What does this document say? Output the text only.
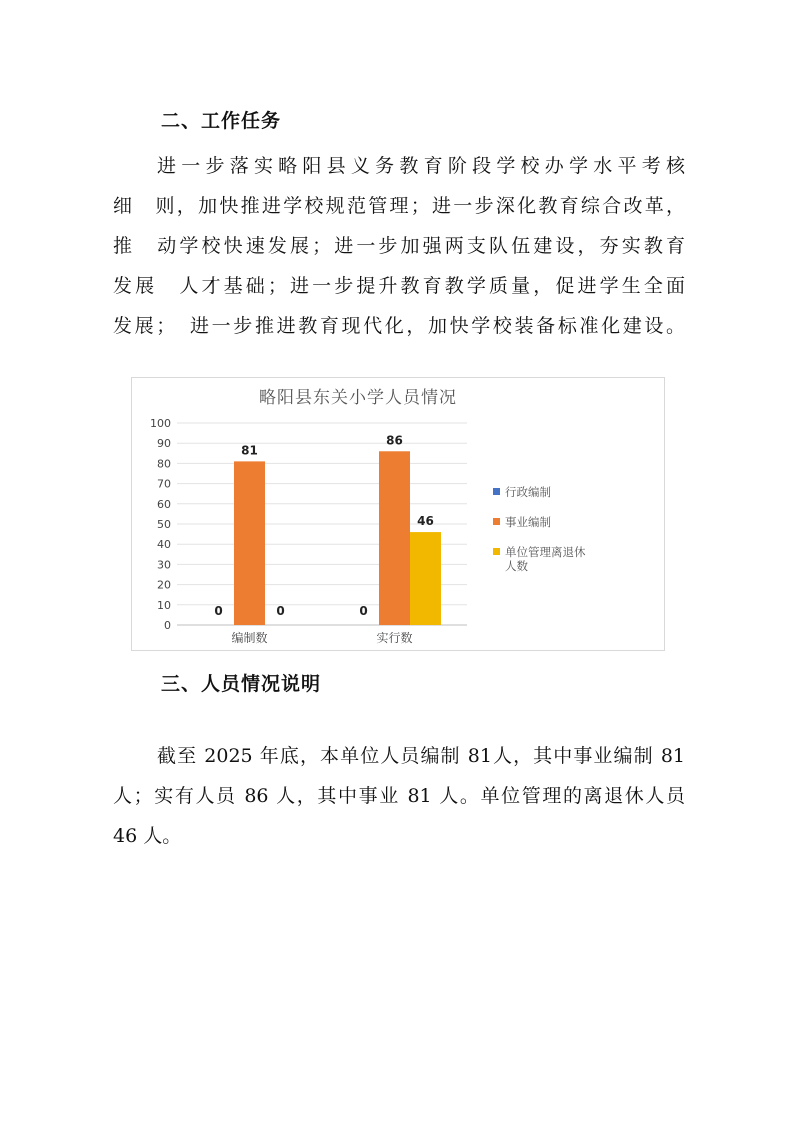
二、工作任务
进一步落实略阳县义务教育阶段学校办学水平考核
细　则，加快推进学校规范管理；进一步深化教育综合改革，
推　动学校快速发展；进一步加强两支队伍建设，夯实教育
发展　人才基础；进一步提升教育教学质量，促进学生全面
发展；　进一步推进教育现代化，加快学校装备标准化建设。
略阳县东关小学人员情况
0
10
20
30
40
50
60
70
80
90
100
0
81
0
编制数
0
86
46
实行数
行政编制
事业编制
单位管理离退休
人数
三、人员情况说明
截至 2025 年底，本单位人员编制 81人，其中事业编制 81
人；实有人员 86 人，其中事业 81 人。单位管理的离退休人员
46 人。
